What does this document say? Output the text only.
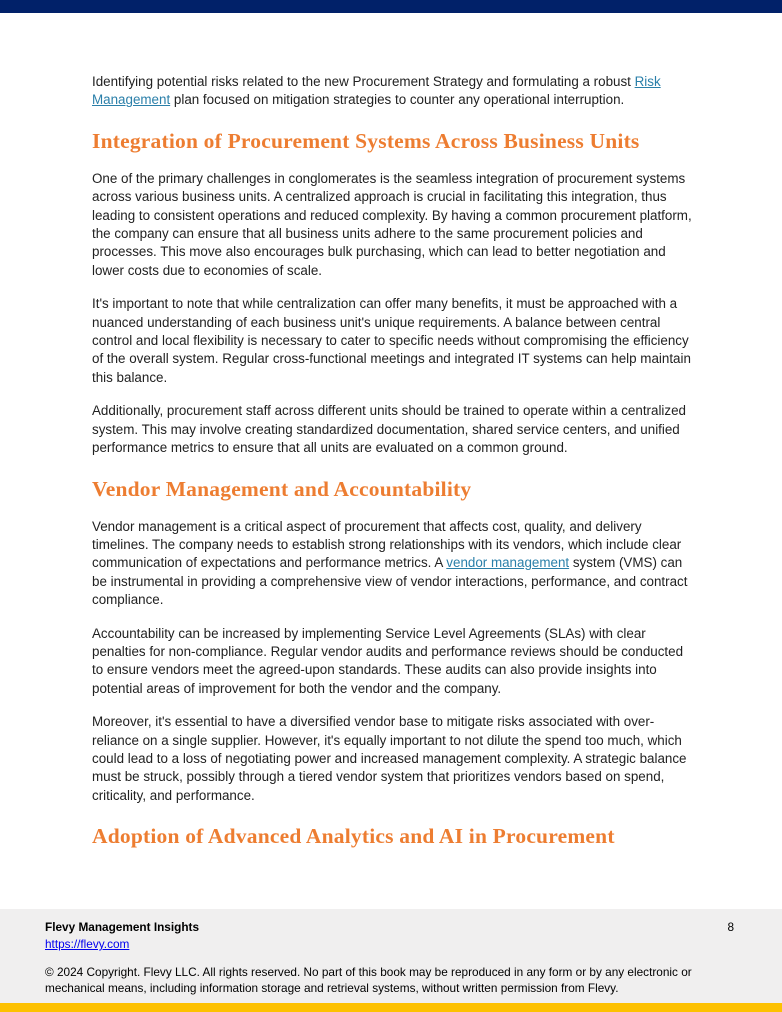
Identifying potential risks related to the new Procurement Strategy and formulating a robust Risk Management plan focused on mitigation strategies to counter any operational interruption.

Integration of Procurement Systems Across Business Units

One of the primary challenges in conglomerates is the seamless integration of procurement systems across various business units. A centralized approach is crucial in facilitating this integration, thus leading to consistent operations and reduced complexity. By having a common procurement platform, the company can ensure that all business units adhere to the same procurement policies and processes. This move also encourages bulk purchasing, which can lead to better negotiation and lower costs due to economies of scale.

It's important to note that while centralization can offer many benefits, it must be approached with a nuanced understanding of each business unit's unique requirements. A balance between central control and local flexibility is necessary to cater to specific needs without compromising the efficiency of the overall system. Regular cross-functional meetings and integrated IT systems can help maintain this balance.

Additionally, procurement staff across different units should be trained to operate within a centralized system. This may involve creating standardized documentation, shared service centers, and unified performance metrics to ensure that all units are evaluated on a common ground.

Vendor Management and Accountability

Vendor management is a critical aspect of procurement that affects cost, quality, and delivery timelines. The company needs to establish strong relationships with its vendors, which include clear communication of expectations and performance metrics. A vendor management system (VMS) can be instrumental in providing a comprehensive view of vendor interactions, performance, and contract compliance.

Accountability can be increased by implementing Service Level Agreements (SLAs) with clear penalties for non-compliance. Regular vendor audits and performance reviews should be conducted to ensure vendors meet the agreed-upon standards. These audits can also provide insights into potential areas of improvement for both the vendor and the company.

Moreover, it's essential to have a diversified vendor base to mitigate risks associated with over-reliance on a single supplier. However, it's equally important to not dilute the spend too much, which could lead to a loss of negotiating power and increased management complexity. A strategic balance must be struck, possibly through a tiered vendor system that prioritizes vendors based on spend, criticality, and performance.

Adoption of Advanced Analytics and AI in Procurement
Flevy Management Insights
https://flevy.com
8
© 2024 Copyright. Flevy LLC. All rights reserved. No part of this book may be reproduced in any form or by any electronic or mechanical means, including information storage and retrieval systems, without written permission from Flevy.
